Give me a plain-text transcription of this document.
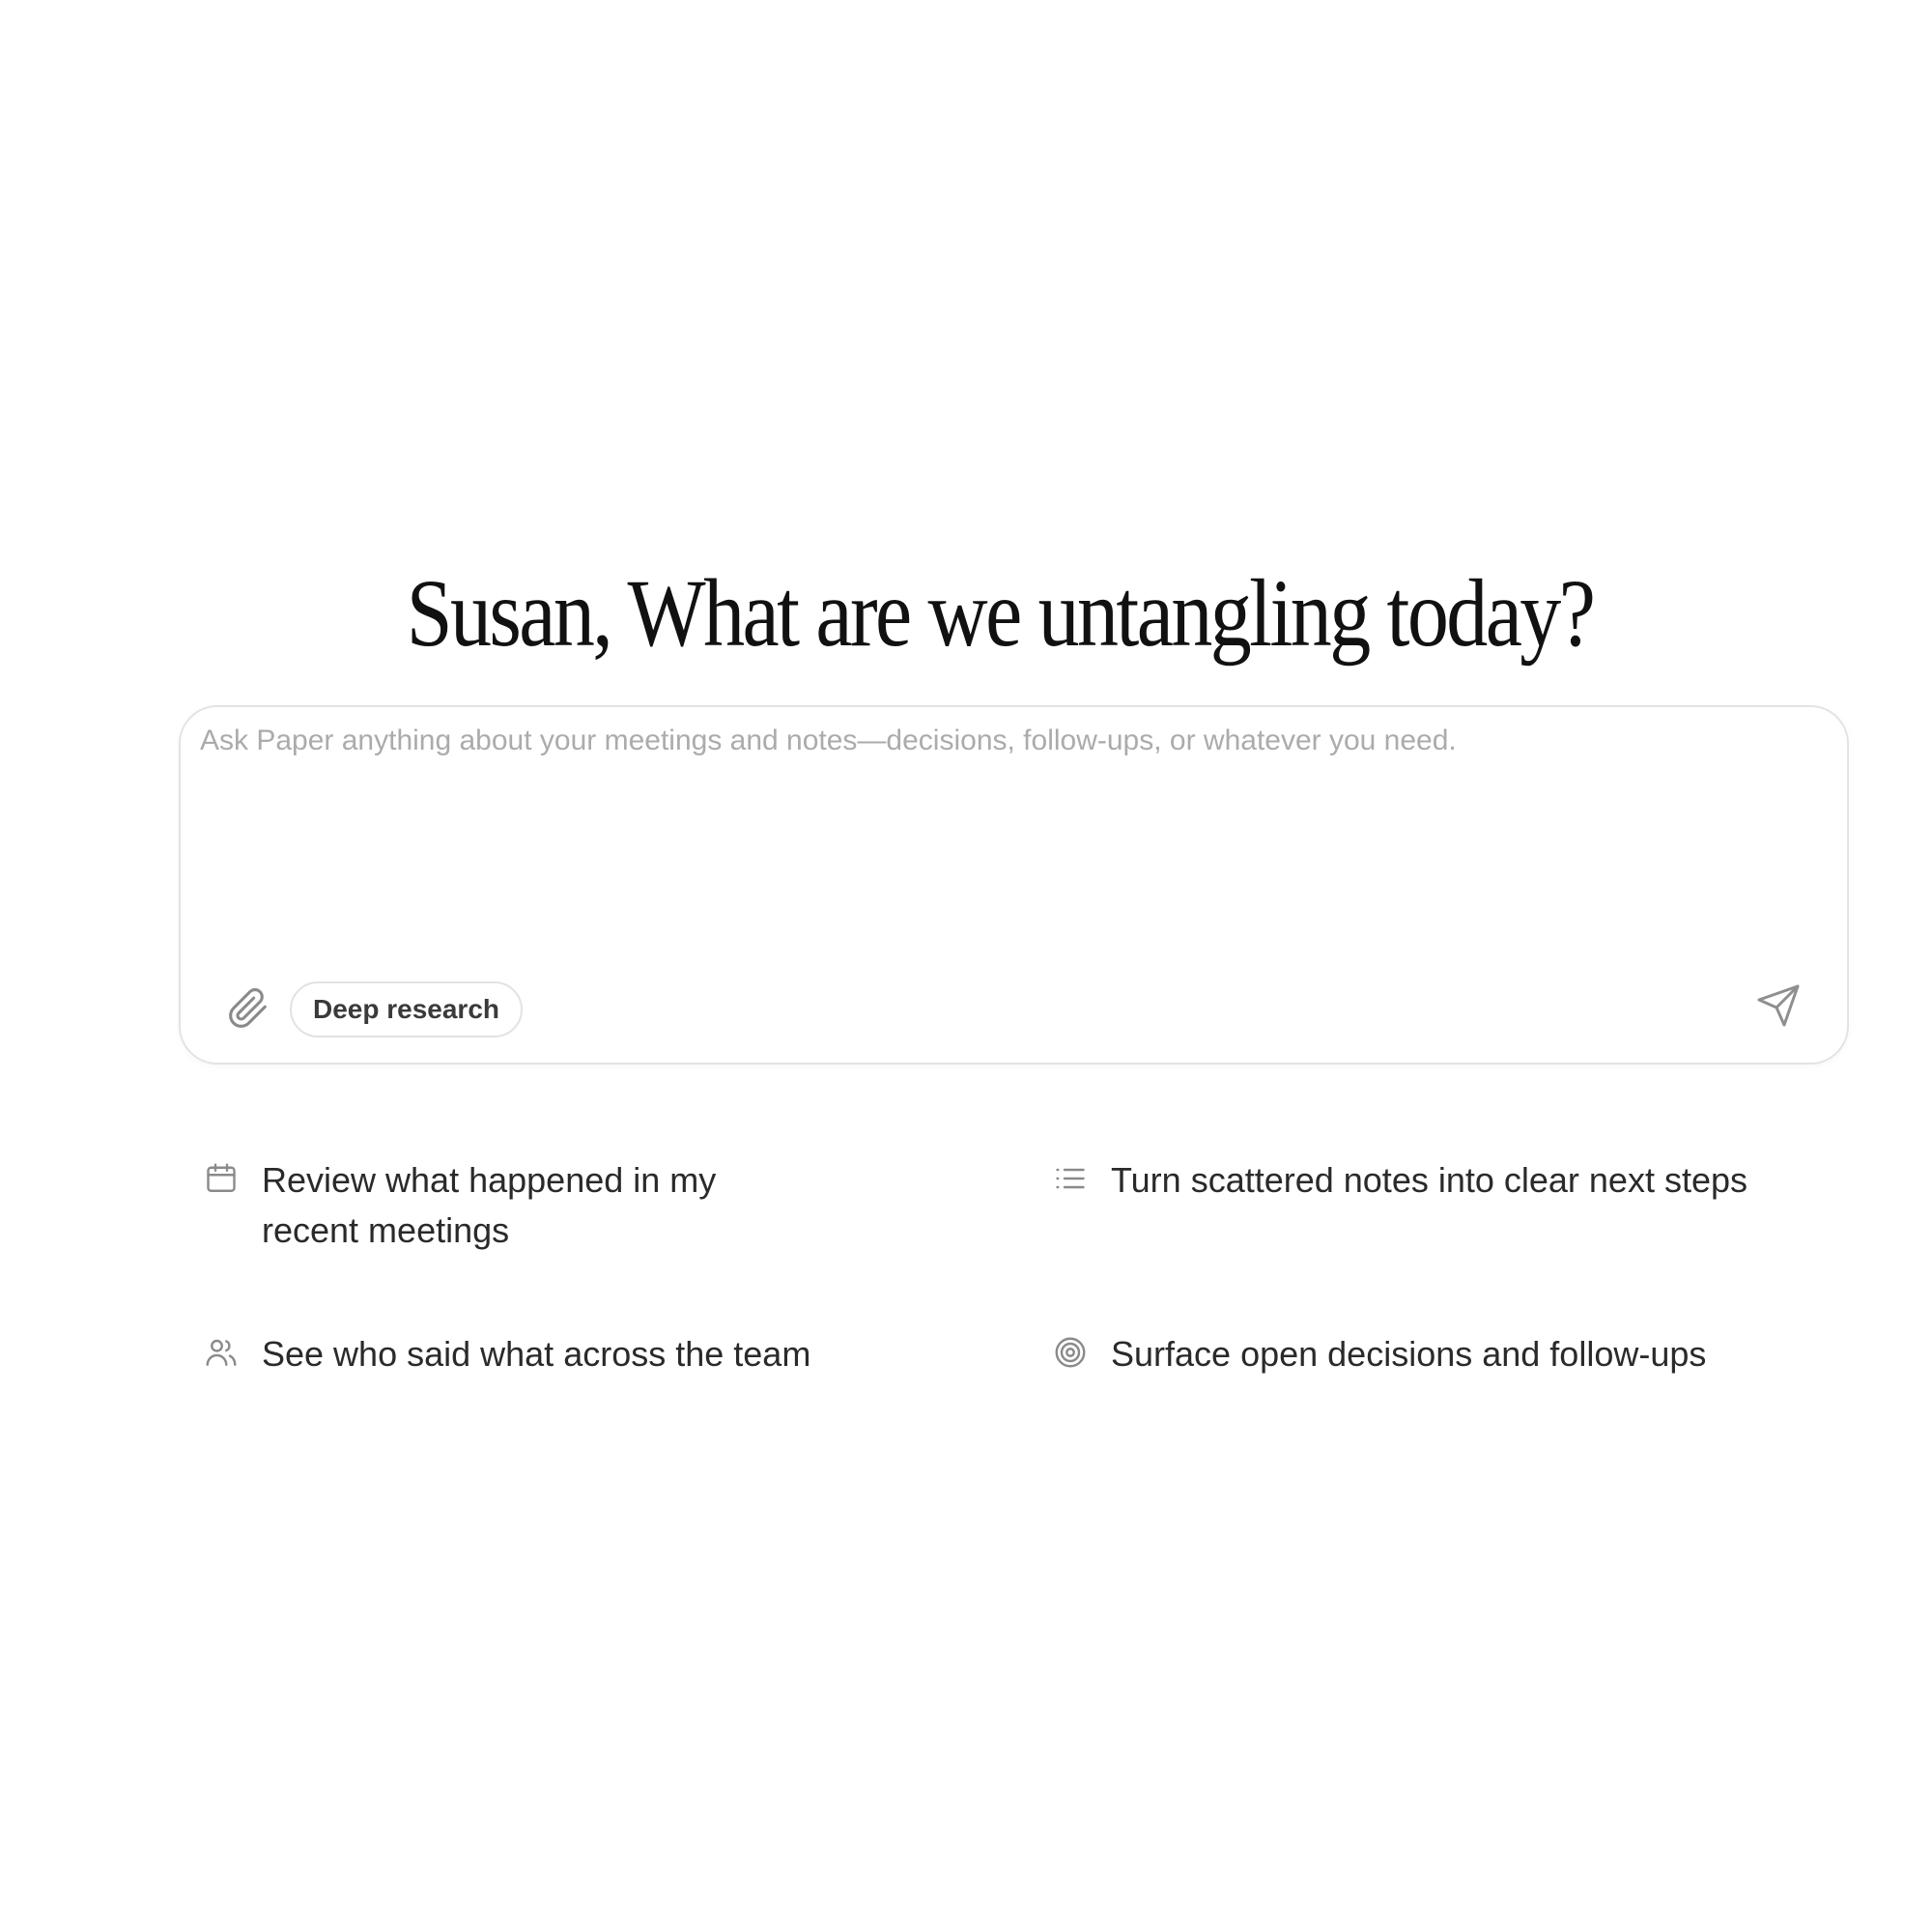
Susan, What are we untangling today?
Ask Paper anything about your meetings and notes—decisions, follow-ups, or whatever you need.
Deep research
Review what happened in my recent meetings
Turn scattered notes into clear next steps
See who said what across the team	Surface open decisions and follow-ups
